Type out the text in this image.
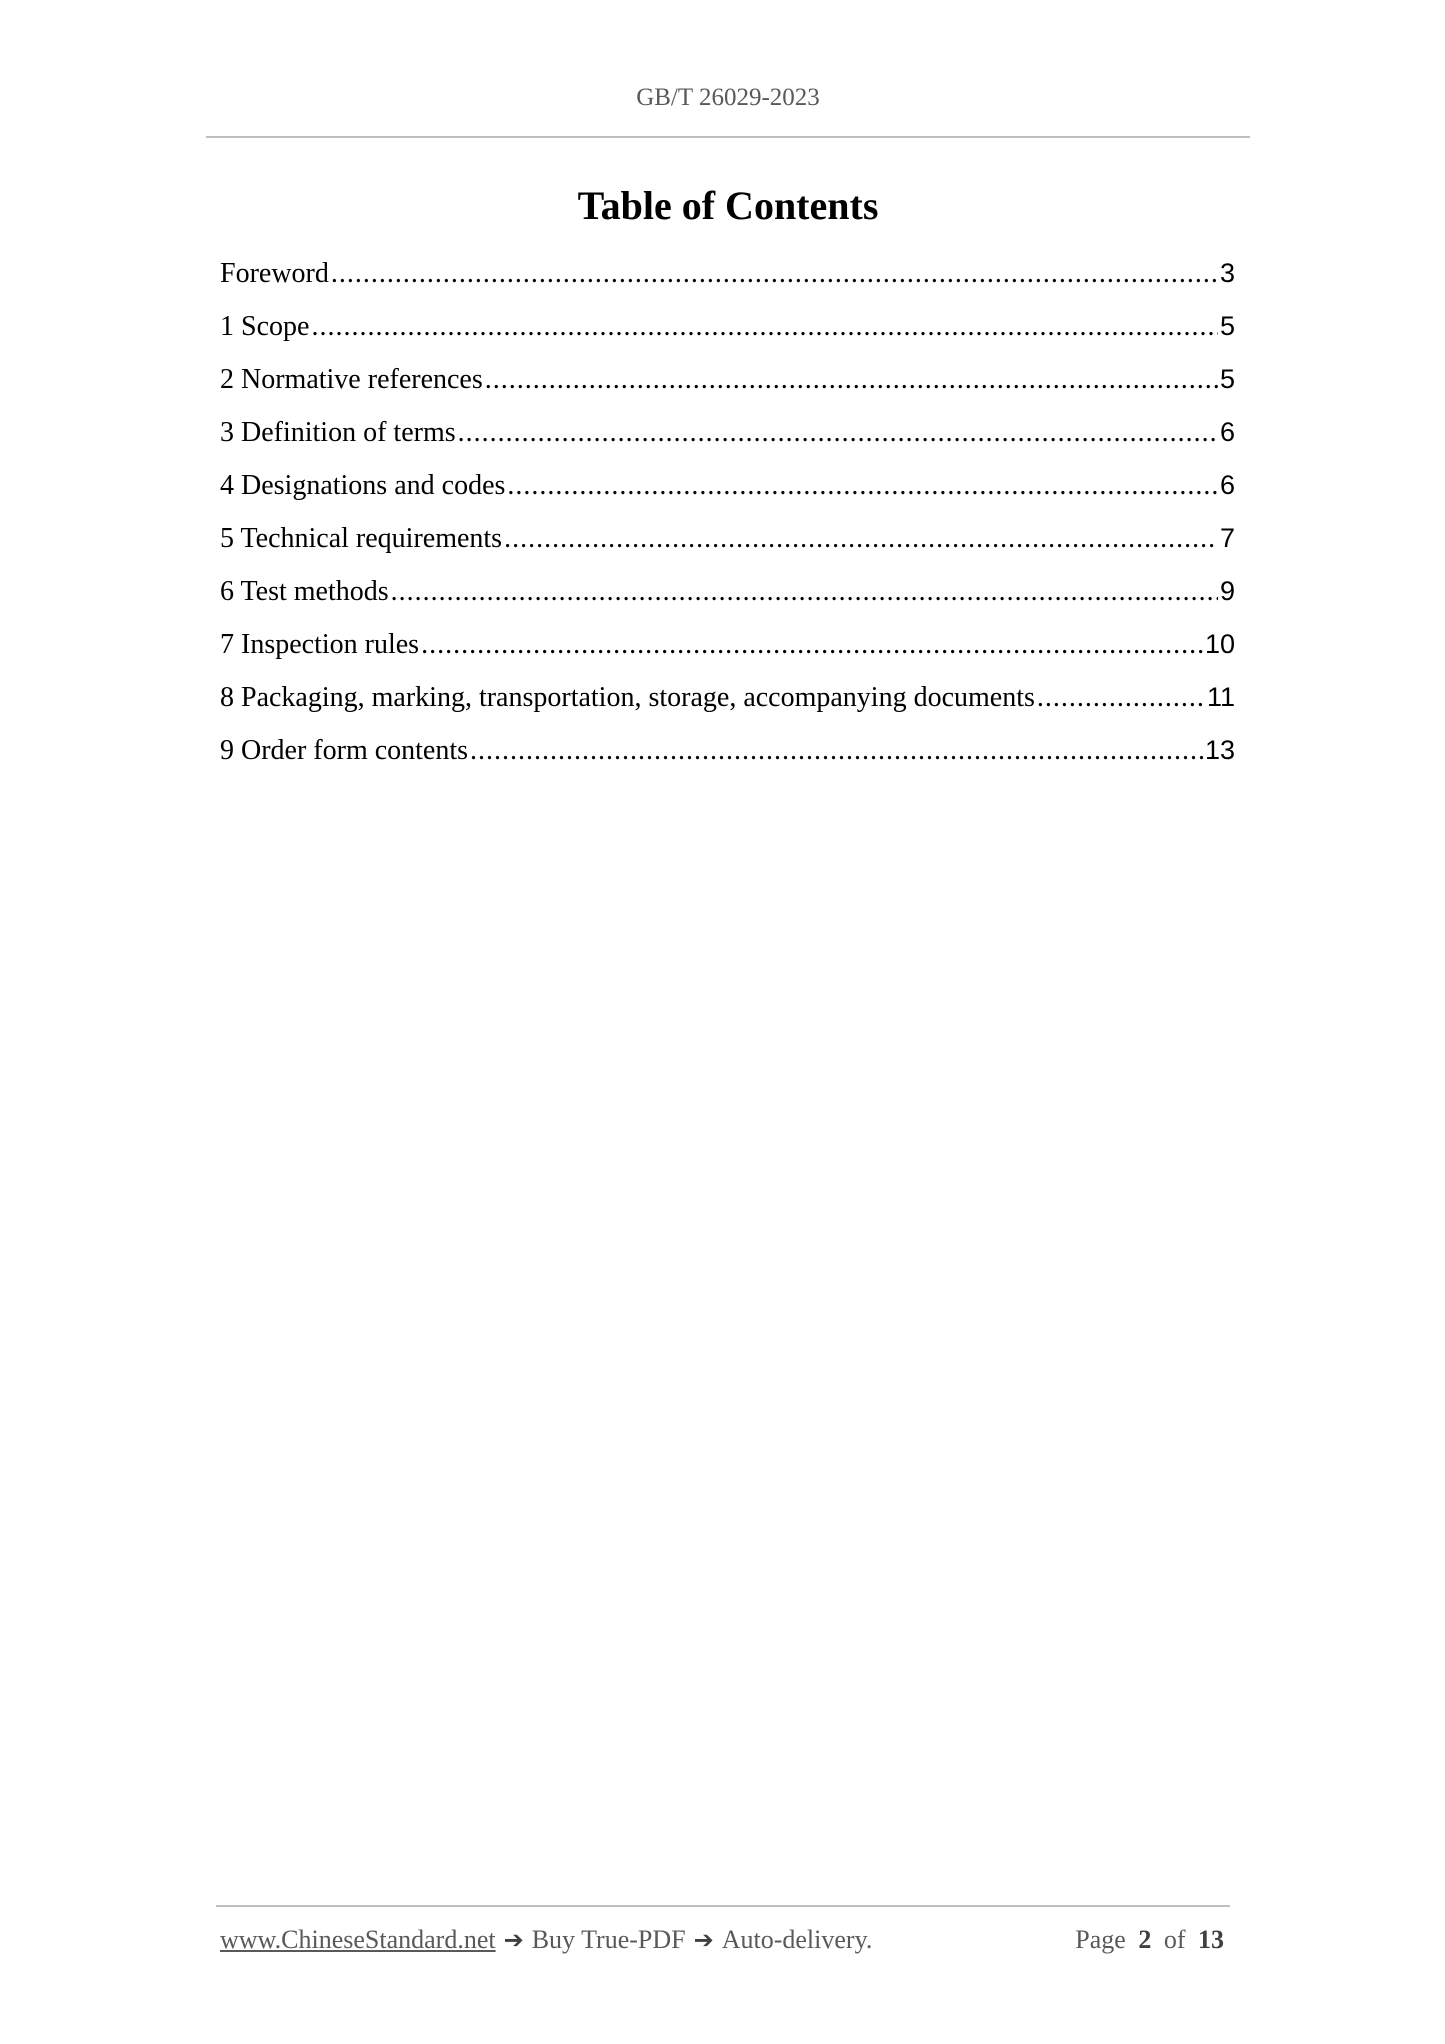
GB/T 26029-2023
Table of Contents
Foreword .....	3
1 Scope .....	5
2 Normative references .....	5
3 Definition of terms .....	6
4 Designations and codes .....	6
5 Technical requirements .....	7
6 Test methods .....	9
7 Inspection rules .....	10
8 Packaging, marking, transportation, storage, accompanying documents .....	11
9 Order form contents .....	13
www.ChineseStandard.net ➔ Buy True-PDF ➔ Auto-delivery.	Page 2 of 13
